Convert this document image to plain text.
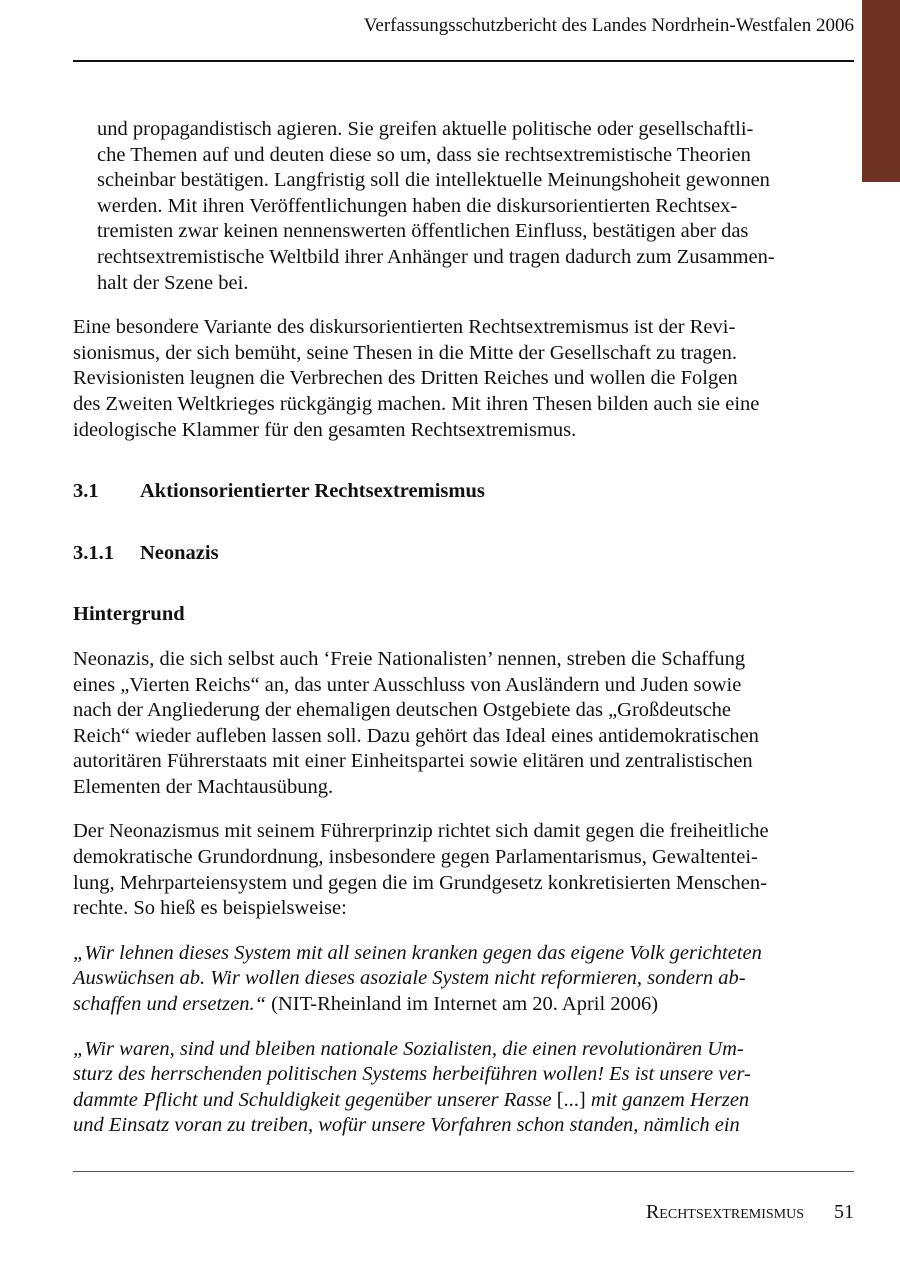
Verfassungsschutzbericht des Landes Nordrhein-Westfalen 2006

und propagandistisch agieren. Sie greifen aktuelle politische oder gesellschaftli-
che Themen auf und deuten diese so um, dass sie rechtsextremistische Theorien
scheinbar bestätigen. Langfristig soll die intellektuelle Meinungshoheit gewonnen
werden. Mit ihren Veröffentlichungen haben die diskursorientierten Rechtsex-
tremisten zwar keinen nennenswerten öffentlichen Einfluss, bestätigen aber das
rechtsextremistische Weltbild ihrer Anhänger und tragen dadurch zum Zusammen-
halt der Szene bei.

Eine besondere Variante des diskursorientierten Rechtsextremismus ist der Revi-
sionismus, der sich bemüht, seine Thesen in die Mitte der Gesellschaft zu tragen.
Revisionisten leugnen die Verbrechen des Dritten Reiches und wollen die Folgen
des Zweiten Weltkrieges rückgängig machen. Mit ihren Thesen bilden auch sie eine
ideologische Klammer für den gesamten Rechtsextremismus.

3.1 Aktionsorientierter Rechtsextremismus
3.1.1 Neonazis
Hintergrund

Neonazis, die sich selbst auch ‘Freie Nationalisten’ nennen, streben die Schaffung
eines „Vierten Reichs“ an, das unter Ausschluss von Ausländern und Juden sowie
nach der Angliederung der ehemaligen deutschen Ostgebiete das „Großdeutsche
Reich“ wieder aufleben lassen soll. Dazu gehört das Ideal eines antidemokratischen
autoritären Führerstaats mit einer Einheitspartei sowie elitären und zentralistischen
Elementen der Machtausübung.

Der Neonazismus mit seinem Führerprinzip richtet sich damit gegen die freiheitliche
demokratische Grundordnung, insbesondere gegen Parlamentarismus, Gewaltentei-
lung, Mehrparteiensystem und gegen die im Grundgesetz konkretisierten Menschen-
rechte. So hieß es beispielsweise:

„Wir lehnen dieses System mit all seinen kranken gegen das eigene Volk gerichteten
Auswüchsen ab. Wir wollen dieses asoziale System nicht reformieren, sondern ab-
schaffen und ersetzen.“ (NIT-Rheinland im Internet am 20. April 2006)

„Wir waren, sind und bleiben nationale Sozialisten, die einen revolutionären Um-
sturz des herrschenden politischen Systems herbeiführen wollen! Es ist unsere ver-
dammte Pflicht und Schuldigkeit gegenüber unserer Rasse [...] mit ganzem Herzen
und Einsatz voran zu treiben, wofür unsere Vorfahren schon standen, nämlich ein

Rechtsextremismus 51
